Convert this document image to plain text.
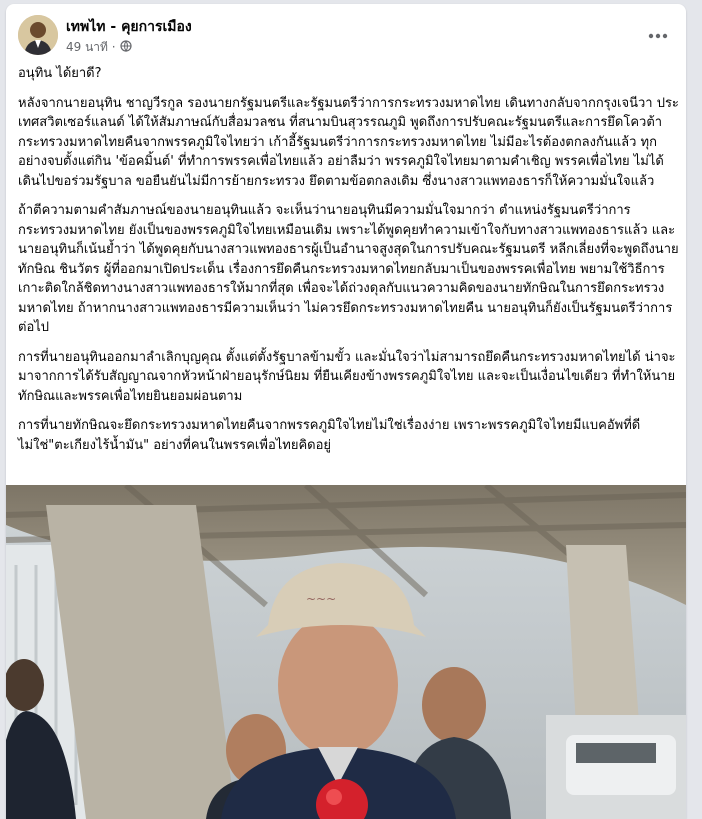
เทพไท - คุยการเมือง
49 นาที ·

อนุทิน ได้ยาดี?

หลังจากนายอนุทิน ชาญวีรกูล รองนายกรัฐมนตรีและรัฐมนตรีว่าการกระทรวงมหาดไทย เดินทางกลับจากกรุงเจนีวา ประเทศสวิตเซอร์แลนด์ ได้ให้สัมภาษณ์กับสื่อมวลชน ที่สนามบินสุวรรณภูมิ พูดถึงการปรับคณะรัฐมนตรีและการยึดโควต้ากระทรวงมหาดไทยคืนจากพรรคภูมิใจไทยว่า เก้าอี้รัฐมนตรีว่าการกระทรวงมหาดไทย ไม่มีอะไรต้องตกลงกันแล้ว ทุกอย่างจบตั้งแต่กิน 'ข้อคมิ้นต์' ที่ทำการพรรคเพื่อไทยแล้ว อย่าลืมว่า พรรคภูมิใจไทยมาตามคำเชิญ พรรคเพื่อไทย ไม่ได้เดินไปขอร่วมรัฐบาล ขอยืนยันไม่มีการย้ายกระทรวง ยึดตามข้อตกลงเดิม ซึ่งนางสาวแพทองธารก็ให้ความมั่นใจแล้ว

ถ้าตีความตามคำสัมภาษณ์ของนายอนุทินแล้ว จะเห็นว่านายอนุทินมีความมั่นใจมากว่า ตำแหน่งรัฐมนตรีว่าการกระทรวงมหาดไทย ยังเป็นของพรรคภูมิใจไทยเหมือนเดิม เพราะได้พูดคุยทำความเข้าใจกับทางสาวแพทองธารแล้ว และนายอนุทินก็เน้นย้ำว่า ได้พูดคุยกับนางสาวแพทองธารผู้เป็นอำนาจสูงสุดในการปรับคณะรัฐมนตรี หลีกเลี่ยงที่จะพูดถึงนายทักษิณ ชินวัตร ผู้ที่ออกมาเปิดประเด็น เรื่องการยึดคืนกระทรวงมหาดไทยกลับมาเป็นของพรรคเพื่อไทย พยามใช้วิธีการเกาะติดใกล้ชิดทางนางสาวแพทองธารให้มากที่สุด เพื่อจะได้ถ่วงดุลกับแนวความคิดของนายทักษิณในการยึดกระทรวงมหาดไทย ถ้าหากนางสาวแพทองธารมีความเห็นว่า ไม่ควรยึดกระทรวงมหาดไทยคืน นายอนุทินก็ยังเป็นรัฐมนตรีว่าการต่อไป

การที่นายอนุทินออกมาลำเลิกบุญคุณ ตั้งแต่ตั้งรัฐบาลข้ามขั้ว และมั่นใจว่าไม่สามารถยึดคืนกระทรวงมหาดไทยได้ น่าจะมาจากการได้รับสัญญาณจากหัวหน้าฝ่ายอนุรักษ์นิยม ที่ยืนเคียงข้างพรรคภูมิใจไทย และจะเป็นเงื่อนไขเดียว ที่ทำให้นายทักษิณและพรรคเพื่อไทยยินยอมผ่อนตาม

การที่นายทักษิณจะยึดกระทรวงมหาดไทยคืนจากพรรคภูมิใจไทยไม่ใช่เรื่องง่าย เพราะพรรคภูมิใจไทยมีแบคอัพที่ดี ไม่ใช่"ตะเกียงไร้น้ำมัน" อย่างที่คนในพรรคเพื่อไทยคิดอยู่

~~~
